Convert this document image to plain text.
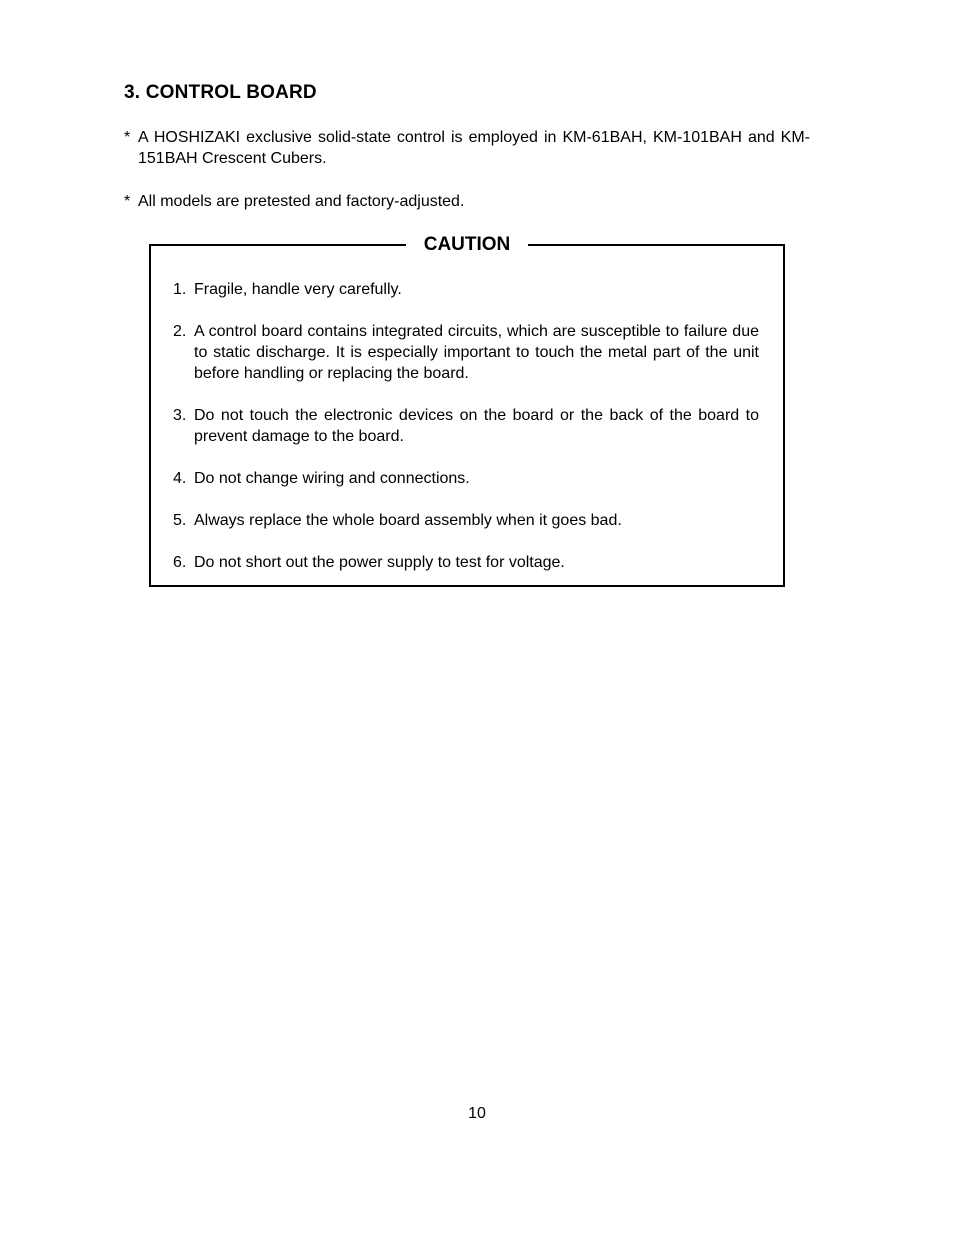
3. CONTROL BOARD
* A HOSHIZAKI exclusive solid-state control is employed in KM-61BAH, KM-101BAH and KM-151BAH Crescent Cubers.
* All models are pretested and factory-adjusted.
CAUTION
1. Fragile, handle very carefully.
2. A control board contains integrated circuits, which are susceptible to failure due to static discharge. It is especially important to touch the metal part of the unit before handling or replacing the board.
3. Do not touch the electronic devices on the board or the back of the board to prevent damage to the board.
4. Do not change wiring and connections.
5. Always replace the whole board assembly when it goes bad.
6. Do not short out the power supply to test for voltage.
10
